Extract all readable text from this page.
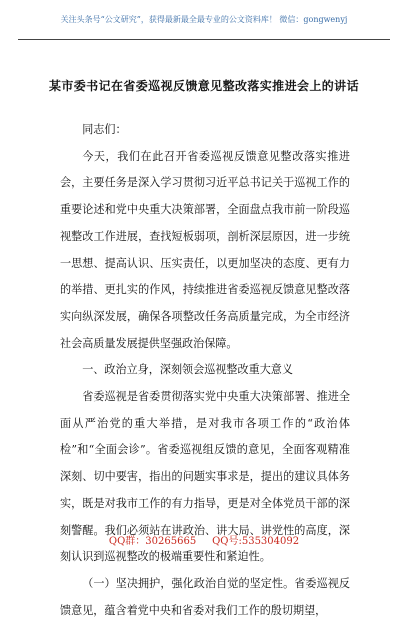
关注头条号“公文研究”，获得最新最全最专业的公文资料库！ 微信：gongwenyj
某市委书记在省委巡视反馈意见整改落实推进会上的讲话

同志们：

今天，我们在此召开省委巡视反馈意见整改落实推进会，主要任务是深入学习贯彻习近平总书记关于巡视工作的重要论述和党中央重大决策部署，全面盘点我市前一阶段巡视整改工作进展，查找短板弱项，剖析深层原因，进一步统一思想、提高认识、压实责任，以更加坚决的态度、更有力的举措、更扎实的作风，持续推进省委巡视反馈意见整改落实向纵深发展，确保各项整改任务高质量完成，为全市经济社会高质量发展提供坚强政治保障。

一、政治立身，深刻领会巡视整改重大意义

省委巡视是省委贯彻落实党中央重大决策部署、推进全面从严治党的重大举措，是对我市各项工作的“政治体检”和“全面会诊”。省委巡视组反馈的意见，全面客观精准深刻、切中要害，指出的问题实事求是，提出的建议具体务实，既是对我市工作的有力指导，更是对全体党员干部的深刻警醒。我们必须站在讲政治、讲大局、讲党性的高度，深刻认识到巡视整改的极端重要性和紧迫性。

（一）坚决拥护，强化政治自觉的坚定性。省委巡视反馈意见，蕴含着党中央和省委对我们工作的殷切期望，

QQ群：30265665     QQ号:535304092
